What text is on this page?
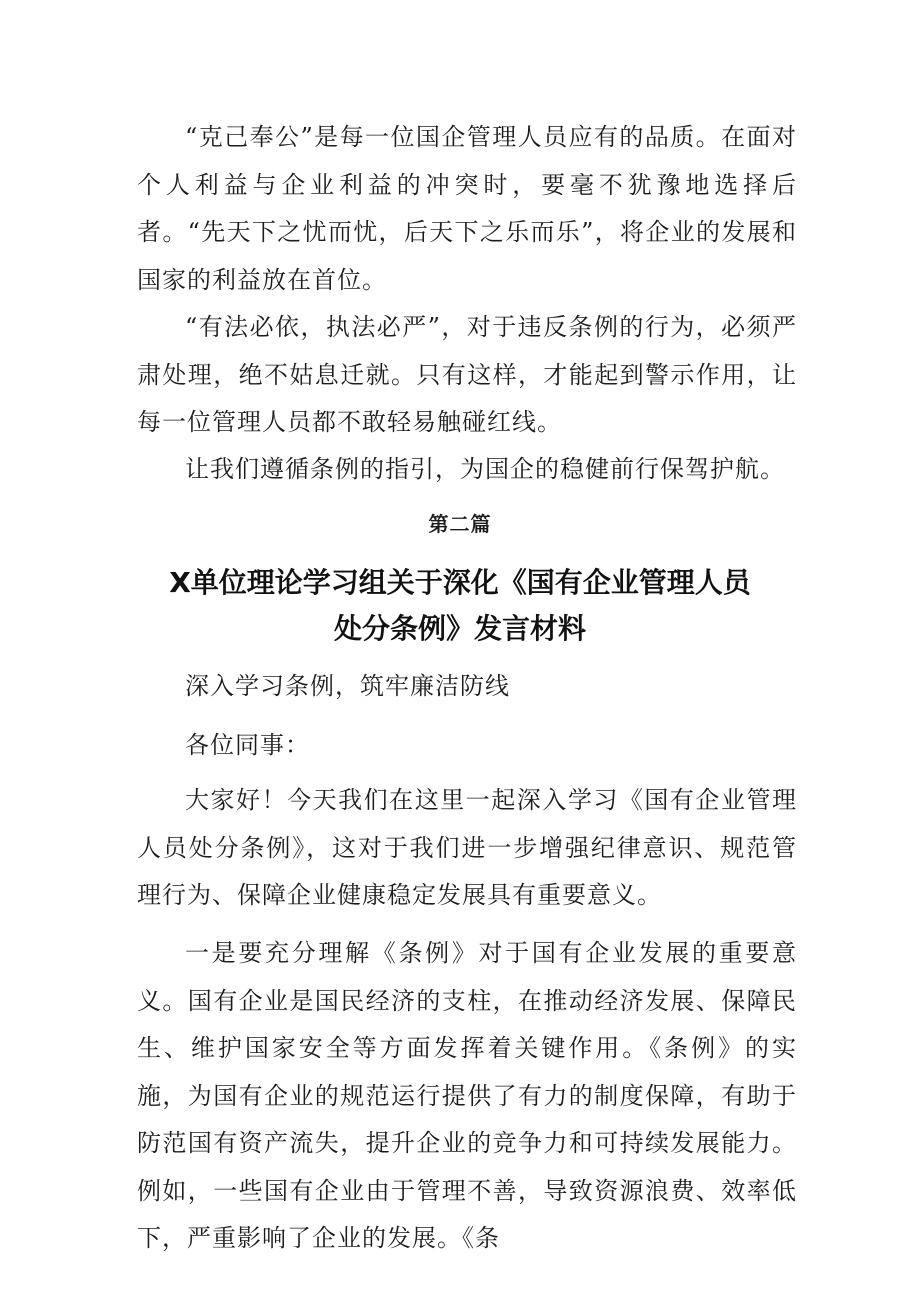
“克己奉公”是每一位国企管理人员应有的品质。在面对个人利益与企业利益的冲突时，要毫不犹豫地选择后者。“先天下之忧而忧，后天下之乐而乐”，将企业的发展和国家的利益放在首位。

“有法必依，执法必严”，对于违反条例的行为，必须严肃处理，绝不姑息迁就。只有这样，才能起到警示作用，让每一位管理人员都不敢轻易触碰红线。

让我们遵循条例的指引，为国企的稳健前行保驾护航。

第二篇
X单位理论学习组关于深化《国有企业管理人员
处分条例》发言材料

深入学习条例，筑牢廉洁防线

各位同事：

大家好！今天我们在这里一起深入学习《国有企业管理人员处分条例》，这对于我们进一步增强纪律意识、规范管理行为、保障企业健康稳定发展具有重要意义。

一是要充分理解《条例》对于国有企业发展的重要意义。国有企业是国民经济的支柱，在推动经济发展、保障民生、维护国家安全等方面发挥着关键作用。《条例》的实施，为国有企业的规范运行提供了有力的制度保障，有助于防范国有资产流失，提升企业的竞争力和可持续发展能力。例如，一些国有企业由于管理不善，导致资源浪费、效率低下，严重影响了企业的发展。《条
